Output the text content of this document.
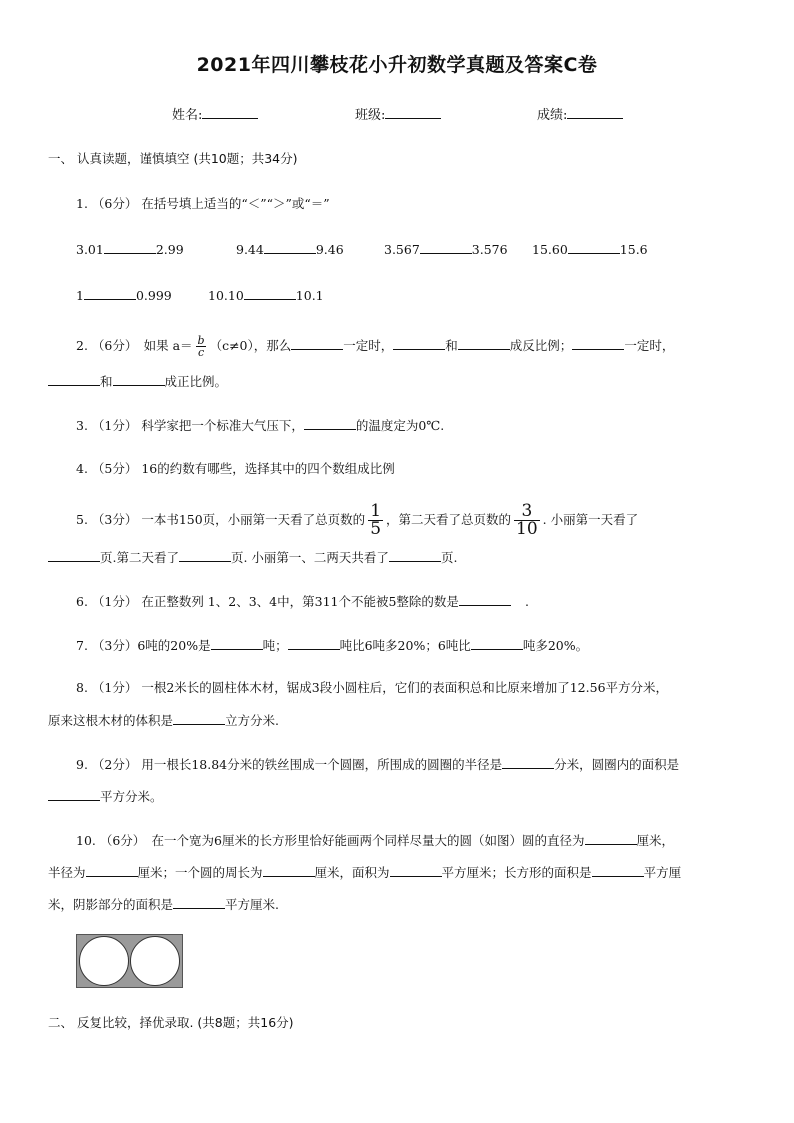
2021年四川攀枝花小升初数学真题及答案C卷
姓名:	班级:	成绩:
一、 认真读题，谨慎填空 (共10题；共34分)
1. （6分） 在括号填上适当的“＜”“＞”或“＝”
3.01	2.99	9.44	9.46	3.567	3.576 15.60	15.6
1	0.999	10.10	10.1
2. （6分）　如果 $a= \frac{b}{c} (c\ne 0)$，那么	一定时，	和	成反比例；	一定时，
和	成正比例。
3. （1分） 科学家把一个标准大气压下，	的温度定为0℃.
4. （5分） 16的约数有哪些，选择其中的四个数组成比例
5. （3分） 一本书150页，小丽第一天看了总页数的 $\frac{1}{5}$ ，第二天看了总页数的 $\frac{3}{10}$ . 小丽第一天看了
页.第二天看了	页. 小丽第一、二两天共看了	页.
6. （1分） 在正整数列 1、2、3、4中，第311个不能被5整除的数是	.
7. （3分）6吨的20%是	吨；	吨比6吨多20%；6吨比	吨多20%。
8. （1分） 一根2米长的圆柱体木材，锯成3段小圆柱后，它们的表面积总和比原来增加了12.56平方分米，
原来这根木材的体积是	立方分米.
9. （2分） 用一根长18.84分米的铁丝围成一个圆圈，所围成的圆圈的半径是	分米，圆圈内的面积是
平方分米。
10. （6分）　在一个宽为6厘米的长方形里恰好能画两个同样尽量大的圆（如图）圆的直径为	厘米，
半径为	厘米；一个圆的周长为	厘米，面积为	平方厘米；长方形的面积是	平方厘
米，阴影部分的面积是	平方厘米.
二、 反复比较，择优录取. (共8题；共16分)
